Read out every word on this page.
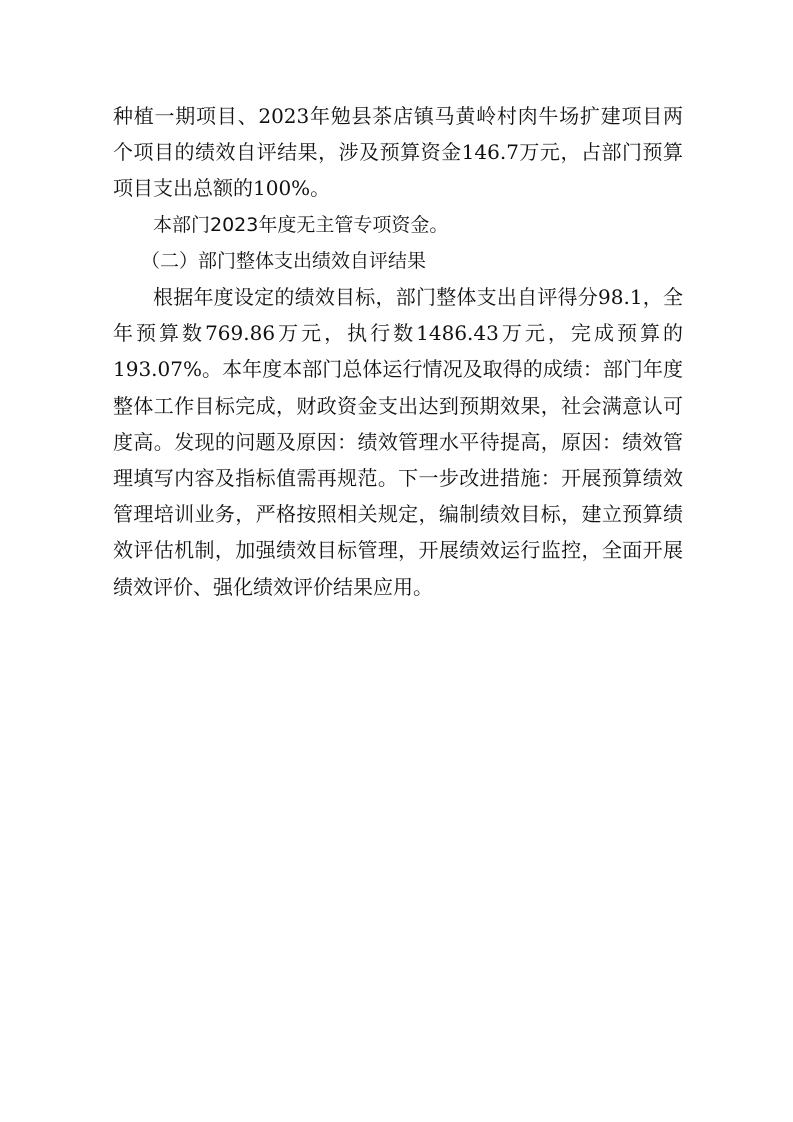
种植一期项目、2023年勉县茶店镇马黄岭村肉牛场扩建项目两个项目的绩效自评结果，涉及预算资金146.7万元，占部门预算项目支出总额的100%。

本部门2023年度无主管专项资金。

（二）部门整体支出绩效自评结果

根据年度设定的绩效目标，部门整体支出自评得分98.1，全年预算数769.86万元，执行数1486.43万元，完成预算的193.07%。本年度本部门总体运行情况及取得的成绩：部门年度整体工作目标完成，财政资金支出达到预期效果，社会满意认可度高。发现的问题及原因：绩效管理水平待提高，原因：绩效管理填写内容及指标值需再规范。下一步改进措施：开展预算绩效管理培训业务，严格按照相关规定，编制绩效目标，建立预算绩效评估机制，加强绩效目标管理，开展绩效运行监控，全面开展绩效评价、强化绩效评价结果应用。
